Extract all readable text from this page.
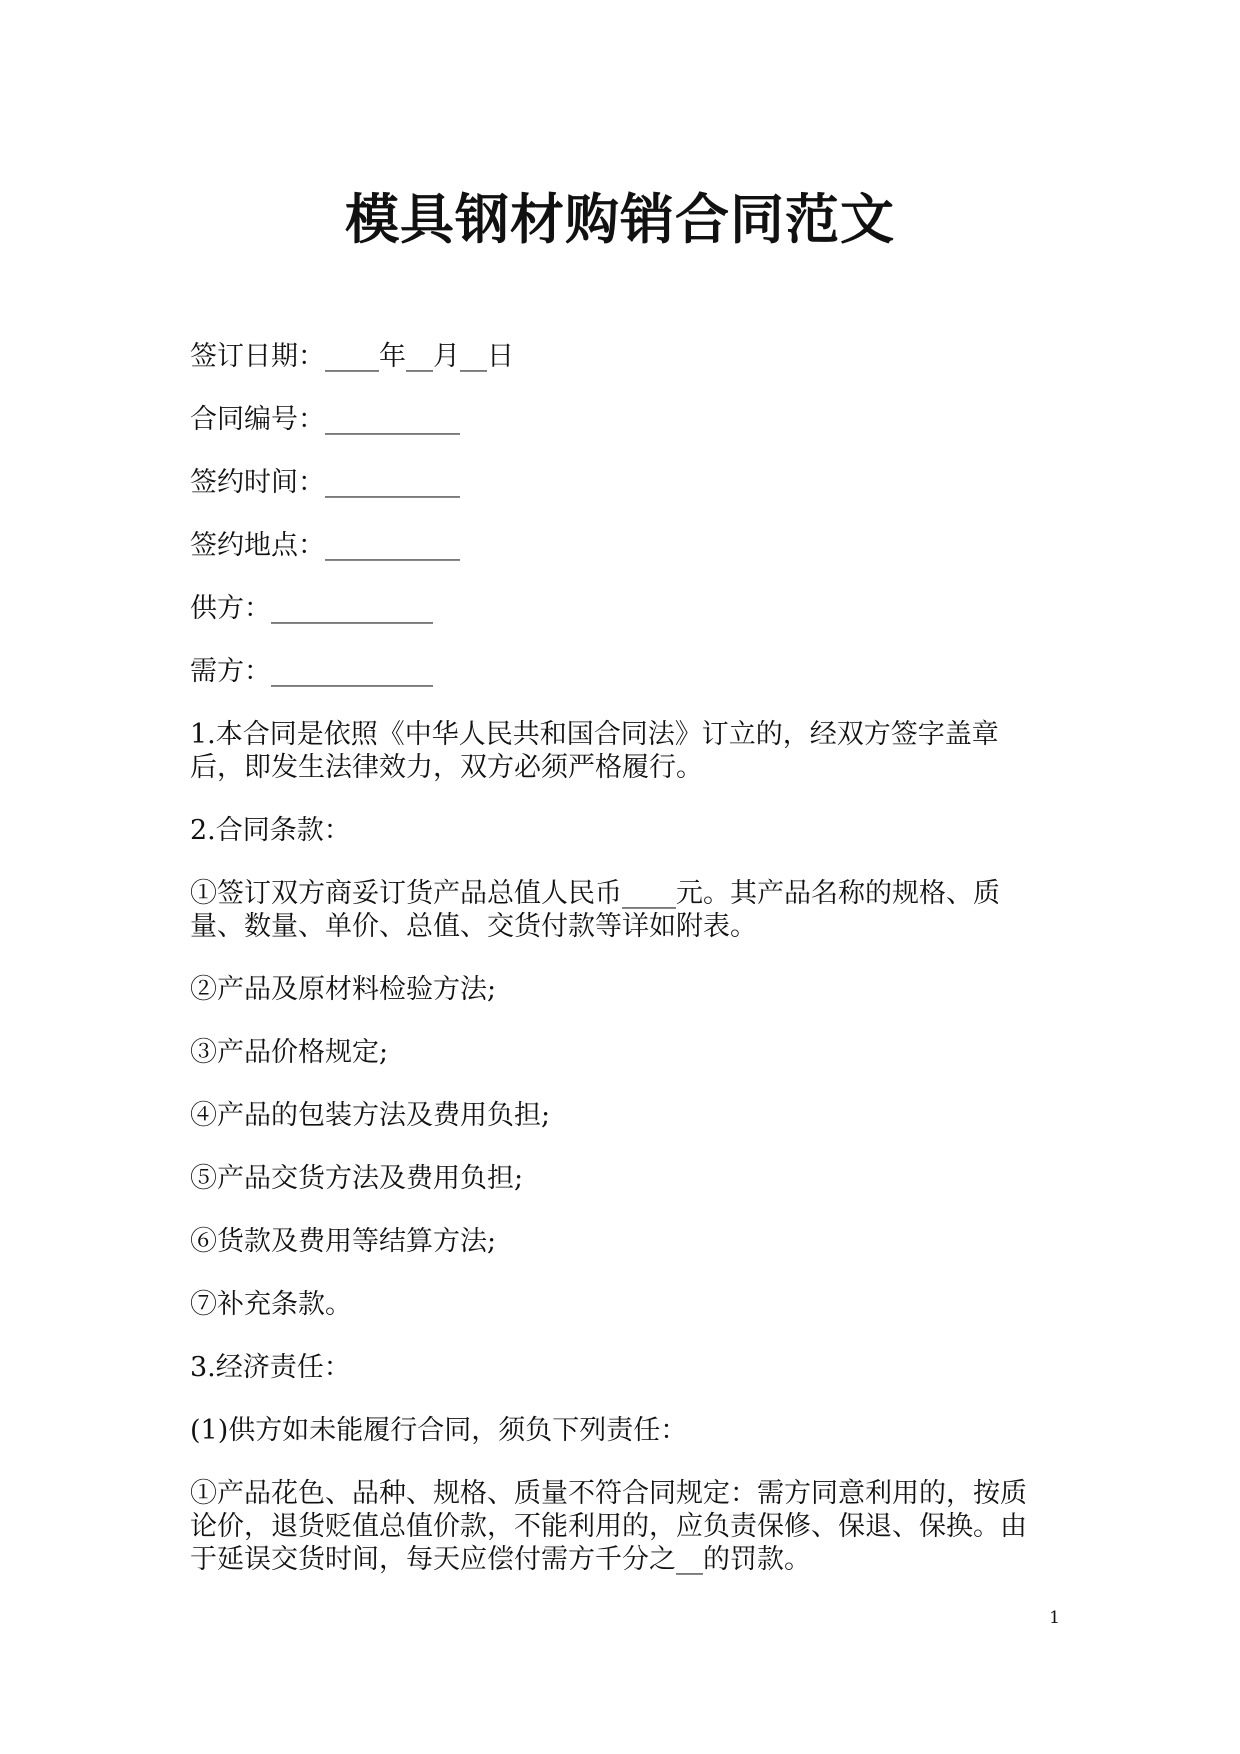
模具钢材购销合同范文

签订日期：____年__月__日

合同编号：__________

签约时间：__________

签约地点：__________

供方：____________

需方：____________

1.本合同是依照《中华人民共和国合同法》订立的，经双方签字盖章后，即发生法律效力，双方必须严格履行。

2.合同条款：

①签订双方商妥订货产品总值人民币____元。其产品名称的规格、质量、数量、单价、总值、交货付款等详如附表。

②产品及原材料检验方法;

③产品价格规定;

④产品的包装方法及费用负担;

⑤产品交货方法及费用负担;

⑥货款及费用等结算方法;

⑦补充条款。

3.经济责任：

(1)供方如未能履行合同，须负下列责任：

①产品花色、品种、规格、质量不符合同规定：需方同意利用的，按质论价，退货贬值总值价款，不能利用的，应负责保修、保退、保换。由于延误交货时间，每天应偿付需方千分之__的罚款。

1
